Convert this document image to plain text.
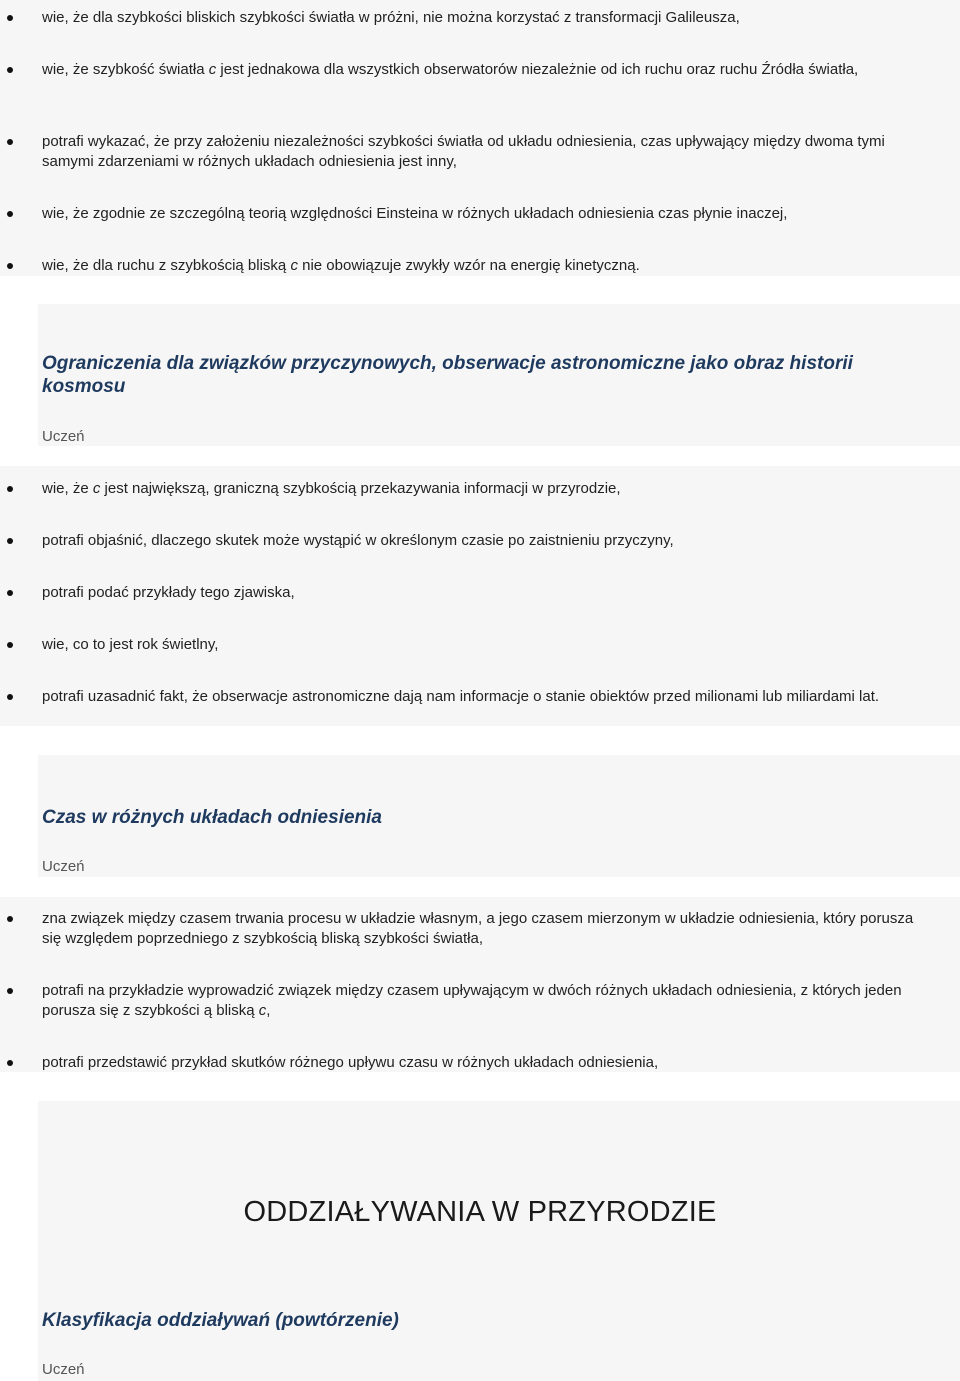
wie, że dla szybkości bliskich szybkości światła w próżni, nie można korzystać z transformacji Galileusza,
wie, że szybkość światła c jest jednakowa dla wszystkich obserwatorów niezależnie od ich ruchu oraz ruchu Źródła światła,
potrafi wykazać, że przy założeniu niezależności szybkości światła od układu odniesienia, czas upływający między dwoma tymi samymi zdarzeniami w różnych układach odniesienia jest inny,
wie, że zgodnie ze szczególną teorią względności Einsteina w różnych układach odniesienia czas płynie inaczej,
wie, że dla ruchu z szybkością bliską c nie obowiązuje zwykły wzór na energię kinetyczną.
Ograniczenia dla związków przyczynowych, obserwacje astronomiczne jako obraz historii kosmosu
Uczeń
wie, że c jest największą, graniczną szybkością przekazywania informacji w przyrodzie,
potrafi objaśnić, dlaczego skutek może wystąpić w określonym czasie po zaistnieniu przyczyny,
potrafi podać przykłady tego zjawiska,
wie, co to jest rok świetlny,
potrafi uzasadnić fakt, że obserwacje astronomiczne dają nam informacje o stanie obiektów przed milionami lub miliardami lat.
Czas w różnych układach odniesienia
Uczeń
zna związek między czasem trwania procesu w układzie własnym, a jego czasem mierzonym w układzie odniesienia, który porusza się względem poprzedniego z szybkością bliską szybkości światła,
potrafi na przykładzie wyprowadzić związek między czasem upływającym w dwóch różnych układach odniesienia, z których jeden porusza się z szybkości ą bliską c,
potrafi przedstawić przykład skutków różnego upływu czasu w różnych układach odniesienia,
ODDZIAŁYWANIA W PRZYRODZIE
Klasyfikacja oddziaływań (powtórzenie)
Uczeń
